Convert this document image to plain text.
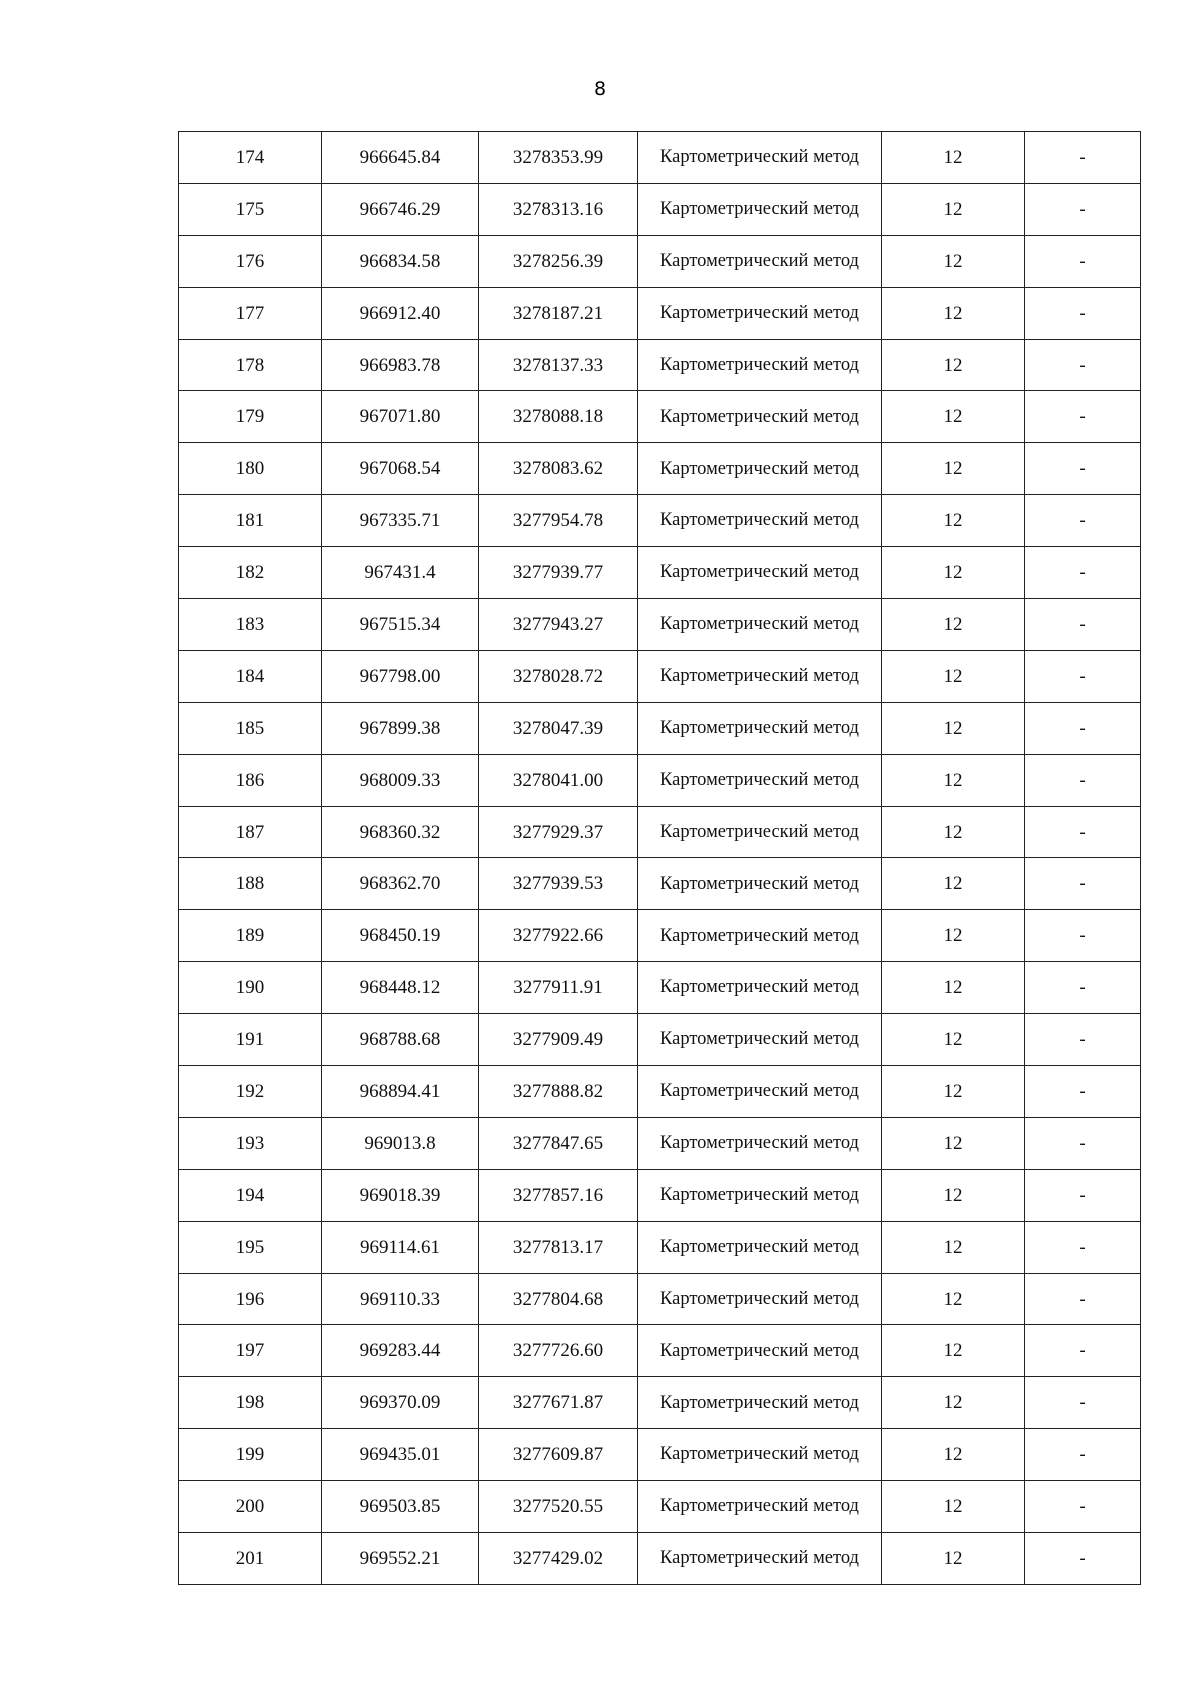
8
174	966645.84	3278353.99	Картометрический метод	12	-
175	966746.29	3278313.16	Картометрический метод	12	-
176	966834.58	3278256.39	Картометрический метод	12	-
177	966912.40	3278187.21	Картометрический метод	12	-
178	966983.78	3278137.33	Картометрический метод	12	-
179	967071.80	3278088.18	Картометрический метод	12	-
180	967068.54	3278083.62	Картометрический метод	12	-
181	967335.71	3277954.78	Картометрический метод	12	-
182	967431.4	3277939.77	Картометрический метод	12	-
183	967515.34	3277943.27	Картометрический метод	12	-
184	967798.00	3278028.72	Картометрический метод	12	-
185	967899.38	3278047.39	Картометрический метод	12	-
186	968009.33	3278041.00	Картометрический метод	12	-
187	968360.32	3277929.37	Картометрический метод	12	-
188	968362.70	3277939.53	Картометрический метод	12	-
189	968450.19	3277922.66	Картометрический метод	12	-
190	968448.12	3277911.91	Картометрический метод	12	-
191	968788.68	3277909.49	Картометрический метод	12	-
192	968894.41	3277888.82	Картометрический метод	12	-
193	969013.8	3277847.65	Картометрический метод	12	-
194	969018.39	3277857.16	Картометрический метод	12	-
195	969114.61	3277813.17	Картометрический метод	12	-
196	969110.33	3277804.68	Картометрический метод	12	-
197	969283.44	3277726.60	Картометрический метод	12	-
198	969370.09	3277671.87	Картометрический метод	12	-
199	969435.01	3277609.87	Картометрический метод	12	-
200	969503.85	3277520.55	Картометрический метод	12	-
201	969552.21	3277429.02	Картометрический метод	12	-
